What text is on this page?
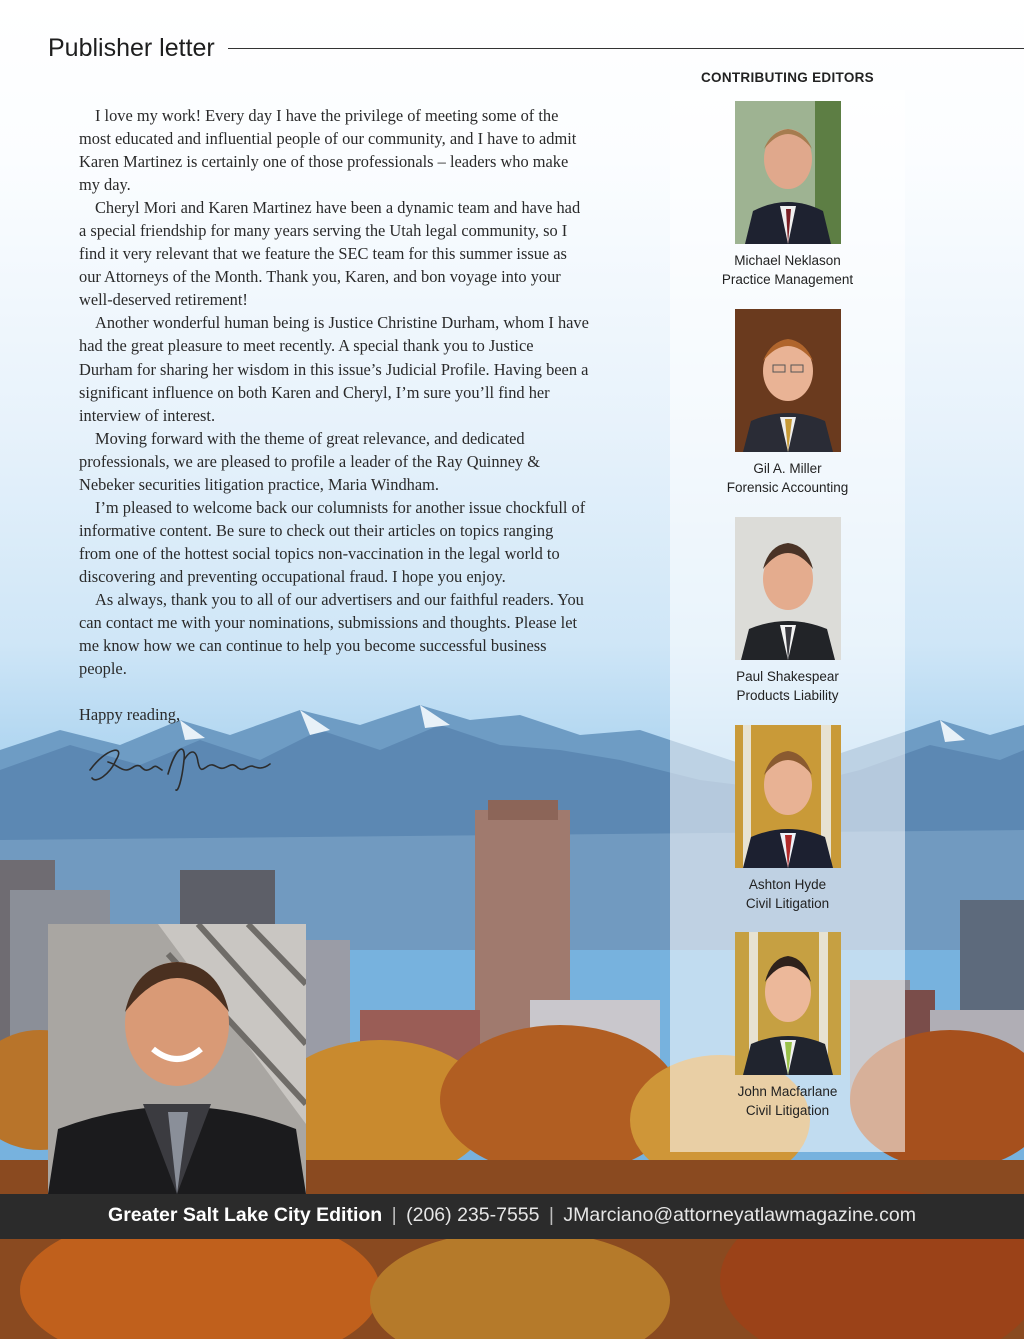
Publisher letter

I love my work! Every day I have the privilege of meeting some of the most educated and influential people of our community, and I have to admit Karen Martinez is certainly one of those professionals – leaders who make my day.

Cheryl Mori and Karen Martinez have been a dynamic team and have had a special friendship for many years serving the Utah legal community, so I find it very relevant that we feature the SEC team for this summer issue as our Attorneys of the Month. Thank you, Karen, and bon voyage into your well-deserved retirement!

Another wonderful human being is Justice Christine Durham, whom I have had the great pleasure to meet recently. A special thank you to Justice Durham for sharing her wisdom in this issue’s Judicial Profile. Having been a significant influence on both Karen and Cheryl, I’m sure you’ll find her interview of interest.

Moving forward with the theme of great relevance, and dedicated professionals, we are pleased to profile a leader of the Ray Quinney & Nebeker securities litigation practice, Maria Windham.

I’m pleased to welcome back our columnists for another issue chockfull of informative content. Be sure to check out their articles on topics ranging from one of the hottest social topics non-vaccination in the legal world to discovering and preventing occupational fraud. I hope you enjoy.

As always, thank you to all of our advertisers and our faithful readers. You can contact me with your nominations, submissions and thoughts. Please let me know how we can continue to help you become successful business people.

Happy reading,
CONTRIBUTING EDITORS
Michael Neklason
Practice Management
Gil A. Miller
Forensic Accounting
Paul Shakespear
Products Liability
Ashton Hyde
Civil Litigation
John Macfarlane
Civil Litigation
Greater Salt Lake City Edition | (206) 235-7555 | JMarciano@attorneyatlawmagazine.com
